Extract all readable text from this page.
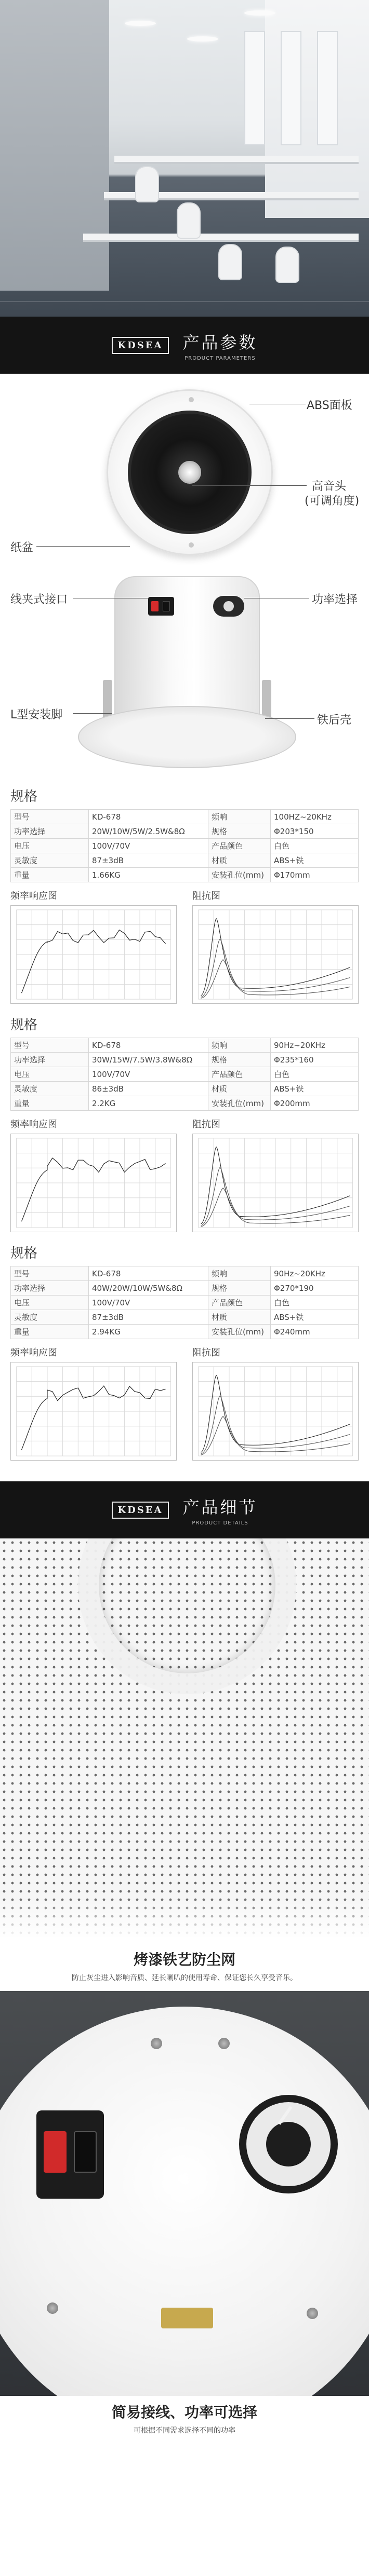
KDSEA	产品参数
PRODUCT PARAMETERS
ABS面板
高音头
(可调角度)
纸盆
线夹式接口	功率选择
L型安装脚	铁后壳
规格
型号	KD-678	频响	100HZ~20KHz
功率选择	20W/10W/5W/2.5W&8Ω	规格	Φ203*150
电压	100V/70V	产品颜色	白色
灵敏度	87±3dB	材质	ABS+铁
重量	1.66KG	安装孔位(mm)	Φ170mm
频率响应图	阻抗图
规格
型号	KD-678	频响	90Hz~20KHz
功率选择	30W/15W/7.5W/3.8W&8Ω	规格	Φ235*160
电压	100V/70V	产品颜色	白色
灵敏度	86±3dB	材质	ABS+铁
重量	2.2KG	安装孔位(mm)	Φ200mm
频率响应图	阻抗图
规格
型号	KD-678	频响	90Hz~20KHz
功率选择	40W/20W/10W/5W&8Ω	规格	Φ270*190
电压	100V/70V	产品颜色	白色
灵敏度	87±3dB	材质	ABS+铁
重量	2.94KG	安装孔位(mm)	Φ240mm
频率响应图	阻抗图
KDSEA	产品细节
PRODUCT DETAILS
烤漆铁艺防尘网
防止灰尘进入影响音质、延长喇叭的使用寿命、保证您长久享受音乐。
简易接线、功率可选择
可根据不同需求选择不同的功率
